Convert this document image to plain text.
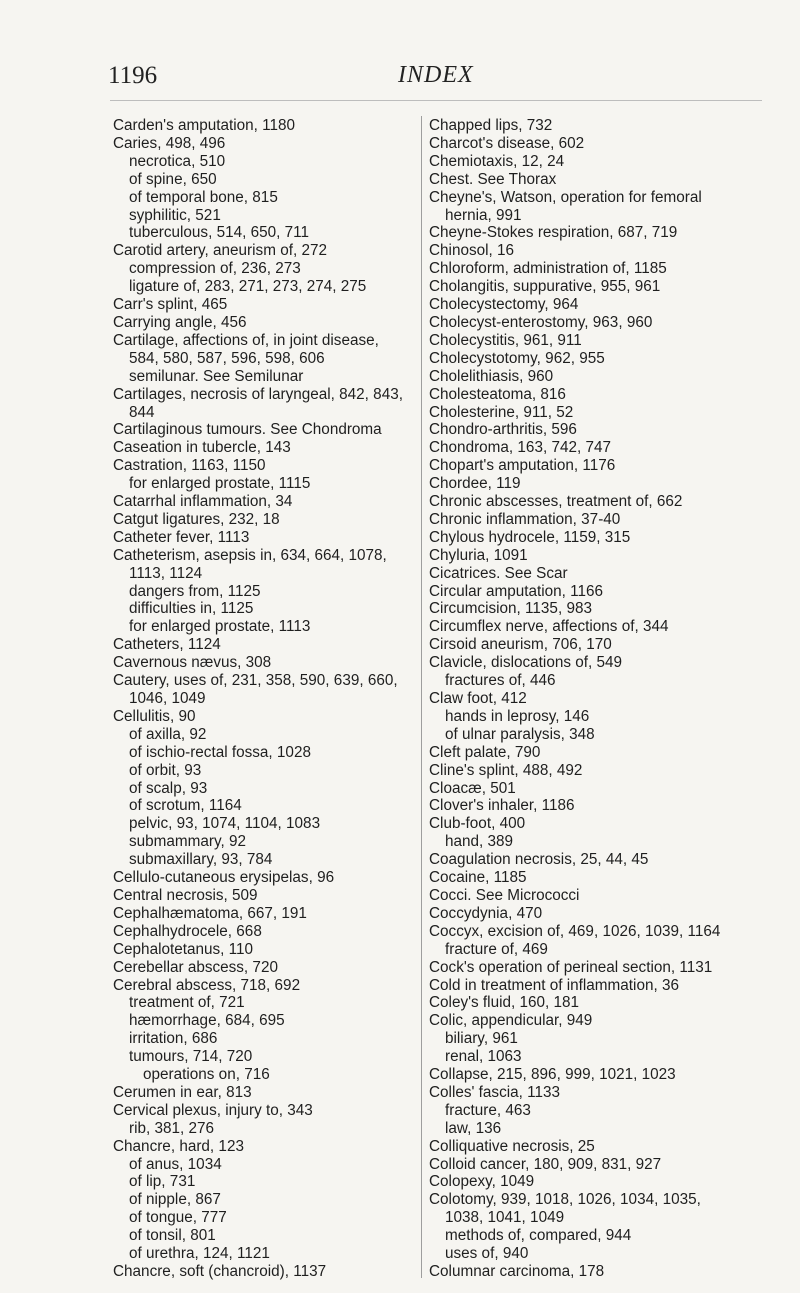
1196	INDEX
Carden's amputation, 1180
Caries, 498, 496
necrotica, 510
of spine, 650
of temporal bone, 815
syphilitic, 521
tuberculous, 514, 650, 711
Carotid artery, aneurism of, 272
compression of, 236, 273
ligature of, 283, 271, 273, 274, 275
Carr's splint, 465
Carrying angle, 456
Cartilage, affections of, in joint disease,
584, 580, 587, 596, 598, 606
semilunar. See Semilunar
Cartilages, necrosis of laryngeal, 842, 843,
844
Cartilaginous tumours. See Chondroma
Caseation in tubercle, 143
Castration, 1163, 1150
for enlarged prostate, 1115
Catarrhal inflammation, 34
Catgut ligatures, 232, 18
Catheter fever, 1113
Catheterism, asepsis in, 634, 664, 1078,
1113, 1124
dangers from, 1125
difficulties in, 1125
for enlarged prostate, 1113
Catheters, 1124
Cavernous nævus, 308
Cautery, uses of, 231, 358, 590, 639, 660,
1046, 1049
Cellulitis, 90
of axilla, 92
of ischio-rectal fossa, 1028
of orbit, 93
of scalp, 93
of scrotum, 1164
pelvic, 93, 1074, 1104, 1083
submammary, 92
submaxillary, 93, 784
Cellulo-cutaneous erysipelas, 96
Central necrosis, 509
Cephalhæmatoma, 667, 191
Cephalhydrocele, 668
Cephalotetanus, 110
Cerebellar abscess, 720
Cerebral abscess, 718, 692
treatment of, 721
hæmorrhage, 684, 695
irritation, 686
tumours, 714, 720
operations on, 716
Cerumen in ear, 813
Cervical plexus, injury to, 343
rib, 381, 276
Chancre, hard, 123
of anus, 1034
of lip, 731
of nipple, 867
of tongue, 777
of tonsil, 801
of urethra, 124, 1121
Chancre, soft (chancroid), 1137
Chapped lips, 732
Charcot's disease, 602
Chemiotaxis, 12, 24
Chest. See Thorax
Cheyne's, Watson, operation for femoral
hernia, 991
Cheyne-Stokes respiration, 687, 719
Chinosol, 16
Chloroform, administration of, 1185
Cholangitis, suppurative, 955, 961
Cholecystectomy, 964
Cholecyst-enterostomy, 963, 960
Cholecystitis, 961, 911
Cholecystotomy, 962, 955
Cholelithiasis, 960
Cholesteatoma, 816
Cholesterine, 911, 52
Chondro-arthritis, 596
Chondroma, 163, 742, 747
Chopart's amputation, 1176
Chordee, 119
Chronic abscesses, treatment of, 662
Chronic inflammation, 37-40
Chylous hydrocele, 1159, 315
Chyluria, 1091
Cicatrices. See Scar
Circular amputation, 1166
Circumcision, 1135, 983
Circumflex nerve, affections of, 344
Cirsoid aneurism, 706, 170
Clavicle, dislocations of, 549
fractures of, 446
Claw foot, 412
hands in leprosy, 146
of ulnar paralysis, 348
Cleft palate, 790
Cline's splint, 488, 492
Cloacæ, 501
Clover's inhaler, 1186
Club-foot, 400
hand, 389
Coagulation necrosis, 25, 44, 45
Cocaine, 1185
Cocci. See Micrococci
Coccydynia, 470
Coccyx, excision of, 469, 1026, 1039, 1164
fracture of, 469
Cock's operation of perineal section, 1131
Cold in treatment of inflammation, 36
Coley's fluid, 160, 181
Colic, appendicular, 949
biliary, 961
renal, 1063
Collapse, 215, 896, 999, 1021, 1023
Colles' fascia, 1133
fracture, 463
law, 136
Colliquative necrosis, 25
Colloid cancer, 180, 909, 831, 927
Colopexy, 1049
Colotomy, 939, 1018, 1026, 1034, 1035,
1038, 1041, 1049
methods of, compared, 944
uses of, 940
Columnar carcinoma, 178
